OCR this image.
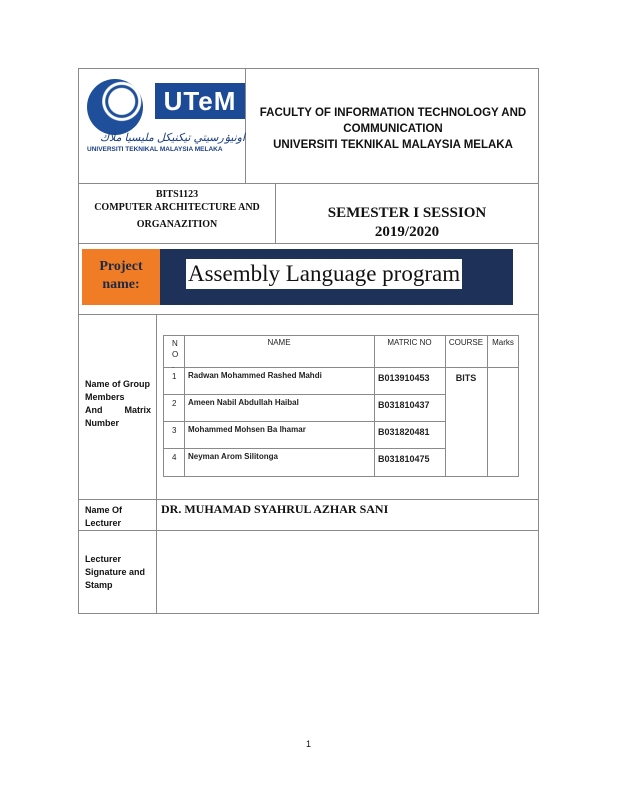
UTeM
اونيۏرسيتي تيكنيكل مليسيا ملاك
UNIVERSITI TEKNIKAL MALAYSIA MELAKA
FACULTY OF INFORMATION TECHNOLOGY AND
COMMUNICATION
UNIVERSITI TEKNIKAL MALAYSIA MELAKA
BITS1123
COMPUTER ARCHITECTURE AND
ORGANAZITION
SEMESTER I SESSION
2019/2020
Project
name:	Assembly Language program
Name of Group
Members
And Matrix
Number
N
O
.
NAME	MATRIC NO	COURSE	Marks
1 Radwan Mohammed Rashed Mahdi	B013910453	BITS
2 Ameen Nabil Abdullah Haibal	B031810437
3 Mohammed Mohsen Ba lhamar	B031820481
4 Neyman Arom Silitonga	B031810475
Name Of
Lecturer
DR. MUHAMAD SYAHRUL AZHAR SANI
Lecturer
Signature and
Stamp
1
